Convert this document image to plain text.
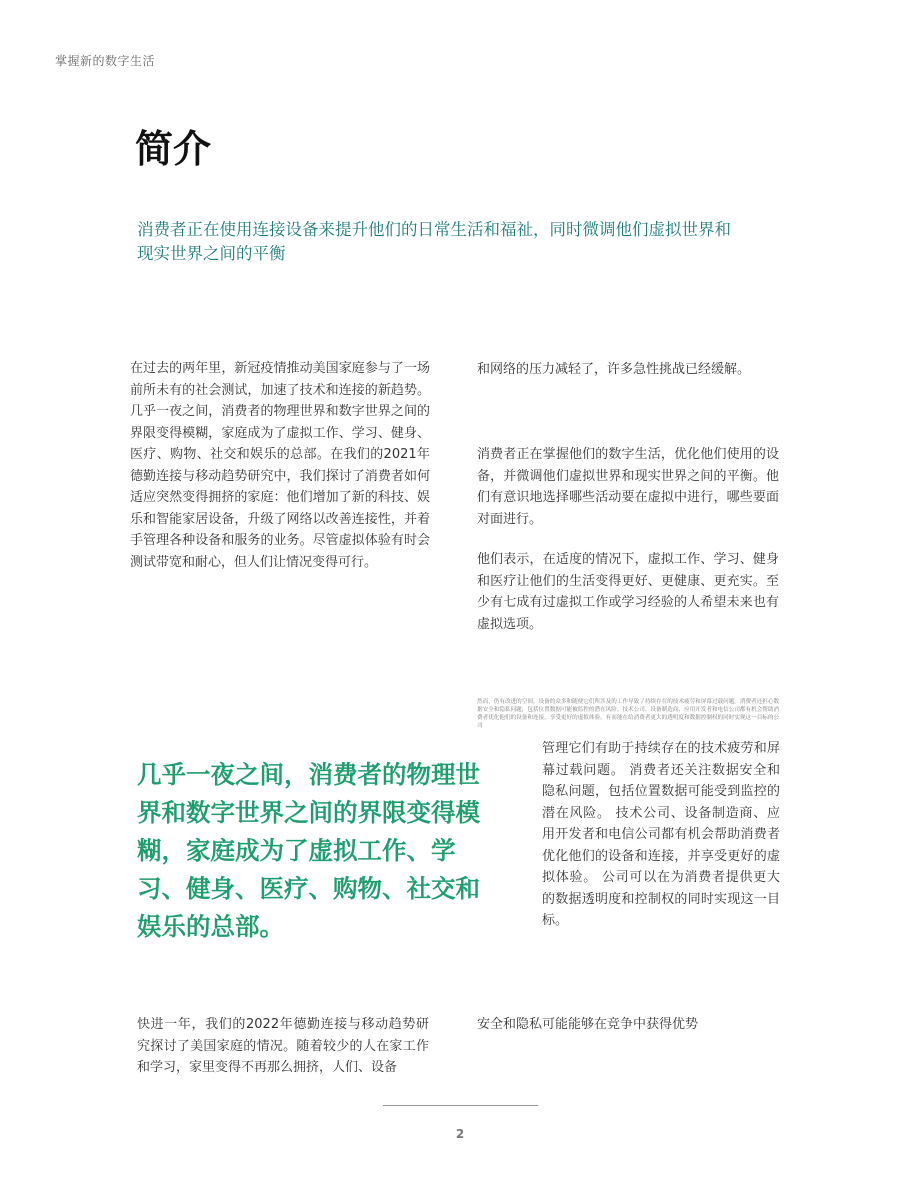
掌握新的数字生活
简介
消费者正在使用连接设备来提升他们的日常生活和福祉，同时微调他们虚拟世界和现实世界之间的平衡

在过去的两年里，新冠疫情推动美国家庭参与了一场前所未有的社会测试，加速了技术和连接的新趋势。几乎一夜之间，消费者的物理世界和数字世界之间的界限变得模糊，家庭成为了虚拟工作、学习、健身、医疗、购物、社交和娱乐的总部。在我们的2021年德勤连接与移动趋势研究中，我们探讨了消费者如何适应突然变得拥挤的家庭：他们增加了新的科技、娱乐和智能家居设备，升级了网络以改善连接性，并着手管理各种设备和服务的业务。尽管虚拟体验有时会测试带宽和耐心，但人们让情况变得可行。

和网络的压力减轻了，许多急性挑战已经缓解。

消费者正在掌握他们的数字生活，优化他们使用的设备，并微调他们虚拟世界和现实世界之间的平衡。他们有意识地选择哪些活动要在虚拟中进行，哪些要面对面进行。

他们表示，在适度的情况下，虚拟工作、学习、健身和医疗让他们的生活变得更好、更健康、更充实。至少有七成有过虚拟工作或学习经验的人希望未来也有虚拟选项。

然而，仍有改进的空间。设备的众多和随便它们所涉及的工作导致了持续存在的技术疲劳和屏幕过载问题。消费者还担心数据安全和隐私问题，包括位置数据可能被监控的潜在风险。技术公司、设备制造商、应用开发者和电信公司都有机会帮助消费者优化他们的设备和连接，享受更好的虚拟体验。有而能在给消费者更大的透明度和数据控制权的同时实现这一目标的公司

管理它们有助于持续存在的技术疲劳和屏幕过载问题。 消费者还关注数据安全和隐私问题，包括位置数据可能受到监控的潜在风险。 技术公司、设备制造商、应用开发者和电信公司都有机会帮助消费者优化他们的设备和连接，并享受更好的虚拟体验。 公司可以在为消费者提供更大的数据透明度和控制权的同时实现这一目标。

几乎一夜之间，消费者的物理世界和数字世界之间的界限变得模糊，家庭成为了虚拟工作、学习、健身、医疗、购物、社交和娱乐的总部。

快进一年，我们的2022年德勤连接与移动趋势研究探讨了美国家庭的情况。随着较少的人在家工作和学习，家里变得不再那么拥挤，人们、设备

安全和隐私可能能够在竞争中获得优势

2
